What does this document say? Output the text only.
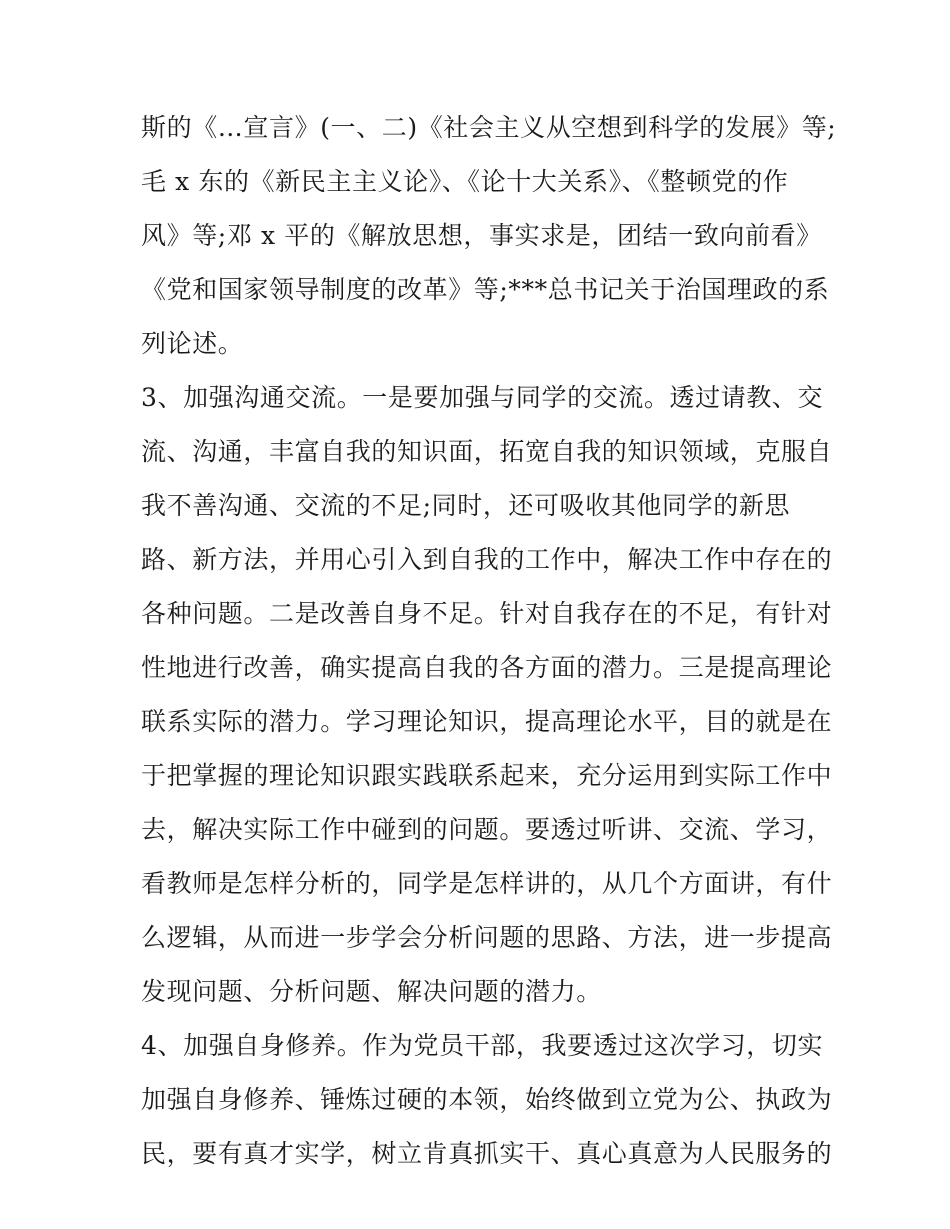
斯的《…宣言》(一、二)《社会主义从空想到科学的发展》等;
毛 x 东的《新民主主义论》、《论十大关系》、《整顿党的作
风》等;邓 x 平的《解放思想，事实求是，团结一致向前看》
《党和国家领导制度的改革》等;***总书记关于治国理政的系
列论述。
3、加强沟通交流。一是要加强与同学的交流。透过请教、交
流、沟通，丰富自我的知识面，拓宽自我的知识领域，克服自
我不善沟通、交流的不足;同时，还可吸收其他同学的新思
路、新方法，并用心引入到自我的工作中，解决工作中存在的
各种问题。二是改善自身不足。针对自我存在的不足，有针对
性地进行改善，确实提高自我的各方面的潜力。三是提高理论
联系实际的潜力。学习理论知识，提高理论水平，目的就是在
于把掌握的理论知识跟实践联系起来，充分运用到实际工作中
去，解决实际工作中碰到的问题。要透过听讲、交流、学习，
看教师是怎样分析的，同学是怎样讲的，从几个方面讲，有什
么逻辑，从而进一步学会分析问题的思路、方法，进一步提高
发现问题、分析问题、解决问题的潜力。
4、加强自身修养。作为党员干部，我要透过这次学习，切实
加强自身修养、锤炼过硬的本领，始终做到立党为公、执政为
民，要有真才实学，树立肯真抓实干、真心真意为人民服务的
